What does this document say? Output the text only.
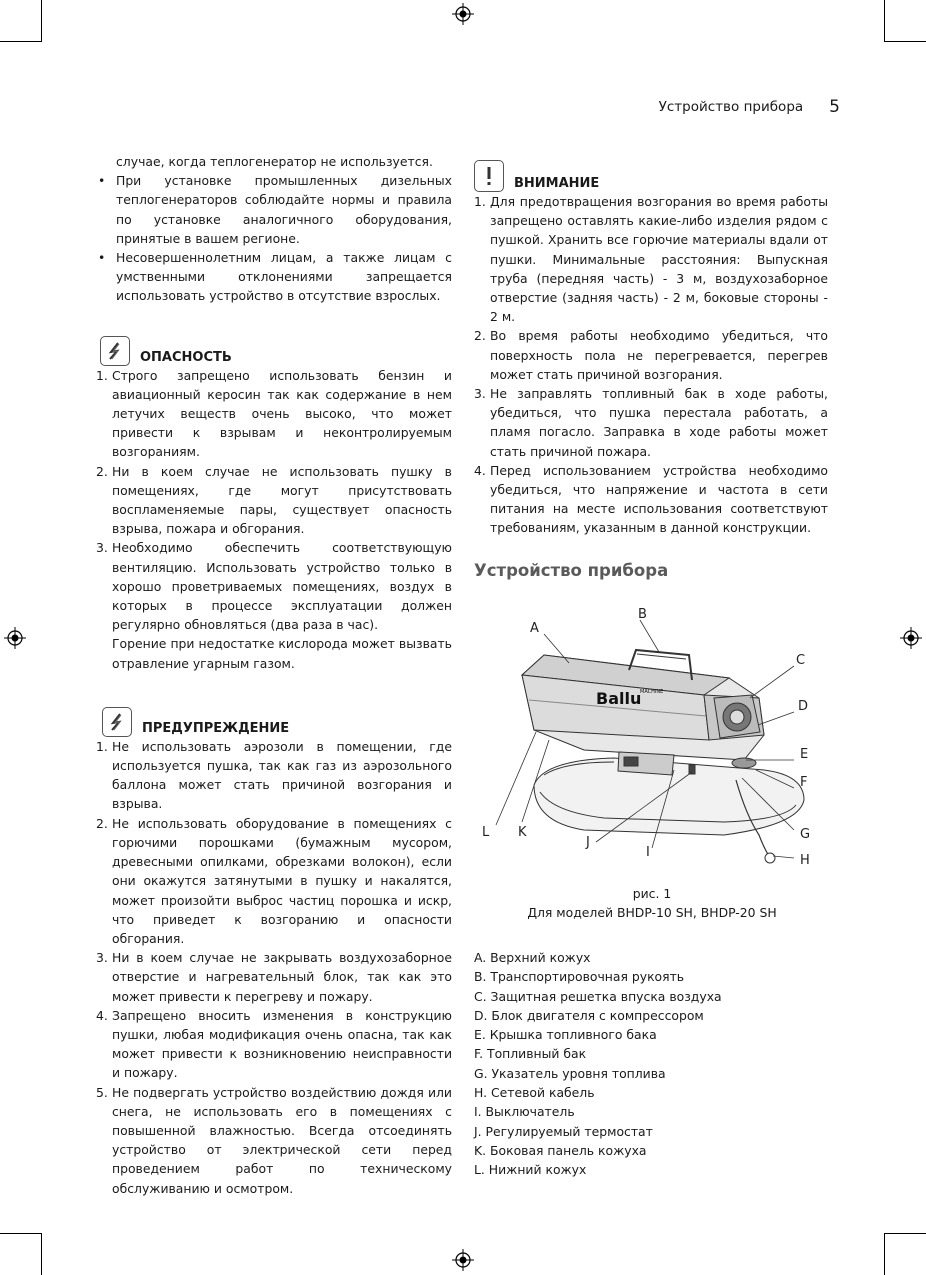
Устройство прибора 5

случае, когда теплогенератор не используется.

• При установке промышленных дизельных теплогенераторов соблюдайте нормы и правила по установке аналогичного оборудования, принятые в вашем регионе.

• Несовершеннолетним лицам, а также лицам с умственными отклонениями запрещается использовать устройство в отсутствие взрослых.

ОПАСНОСТЬ

1. Строго запрещено использовать бензин и авиационный керосин так как содержание в нем летучих веществ очень высоко, что может привести к взрывам и неконтролируемым возгораниям.

2. Ни в коем случае не использовать пушку в помещениях, где могут присутствовать воспламеняемые пары, существует опасность взрыва, пожара и обгорания.

3. Необходимо обеспечить соответствующую вентиляцию. Использовать устройство только в хорошо проветриваемых помещениях, воздух в которых в процессе эксплуатации должен регулярно обновляться (два раза в час).

Горение при недостатке кислорода может вызвать отравление угарным газом.

ПРЕДУПРЕЖДЕНИЕ

1. Не использовать аэрозоли в помещении, где используется пушка, так как газ из аэрозольного баллона может стать причиной возгорания и взрыва.

2. Не использовать оборудование в помещениях с горючими порошками (бумажным мусором, древесными опилками, обрезками волокон), если они окажутся затянутыми в пушку и накалятся, может произойти выброс частиц порошка и искр, что приведет к возгоранию и опасности обгорания.

3. Ни в коем случае не закрывать воздухозаборное отверстие и нагревательный блок, так как это может привести к перегреву и пожару.

4. Запрещено вносить изменения в конструкцию пушки, любая модификация очень опасна, так как может привести к возникновению неисправности и пожару.

5. Не подвергать устройство воздействию дождя или снега, не использовать его в помещениях с повышенной влажностью. Всегда отсоединять устройство от электрической сети перед проведением работ по техническому обслуживанию и осмотром.

ВНИМАНИЕ

1. Для предотвращения возгорания во время работы запрещено оставлять какие-либо изделия рядом с пушкой. Хранить все горючие материалы вдали от пушки. Минимальные расстояния: Выпускная труба (передняя часть) - 3 м, воздухозаборное отверстие (задняя часть) - 2 м, боковые стороны - 2 м.

2. Во время работы необходимо убедиться, что поверхность пола не перегревается, перегрев может стать причиной возгорания.

3. Не заправлять топливный бак в ходе работы, убедиться, что пушка перестала работать, а пламя погасло. Заправка в ходе работы может стать причиной пожара.

4. Перед использованием устройства необходимо убедиться, что напряжение и частота в сети питания на месте использования соответствуют требованиям, указанным в данной конструкции.

Устройство прибора
Ballu
MACHINE
A
B
C
D
E
F
G
H
I
J
K
L
рис. 1
Для моделей BHDP-10 SH, BHDP-20 SH
A. Верхний кожух
B. Транспортировочная рукоять
C. Защитная решетка впуска воздуха
D. Блок двигателя с компрессором
E. Крышка топливного бака
F. Топливный бак
G. Указатель уровня топлива
H. Сетевой кабель
I. Выключатель
J. Регулируемый термостат
K. Боковая панель кожуха
L. Нижний кожух
